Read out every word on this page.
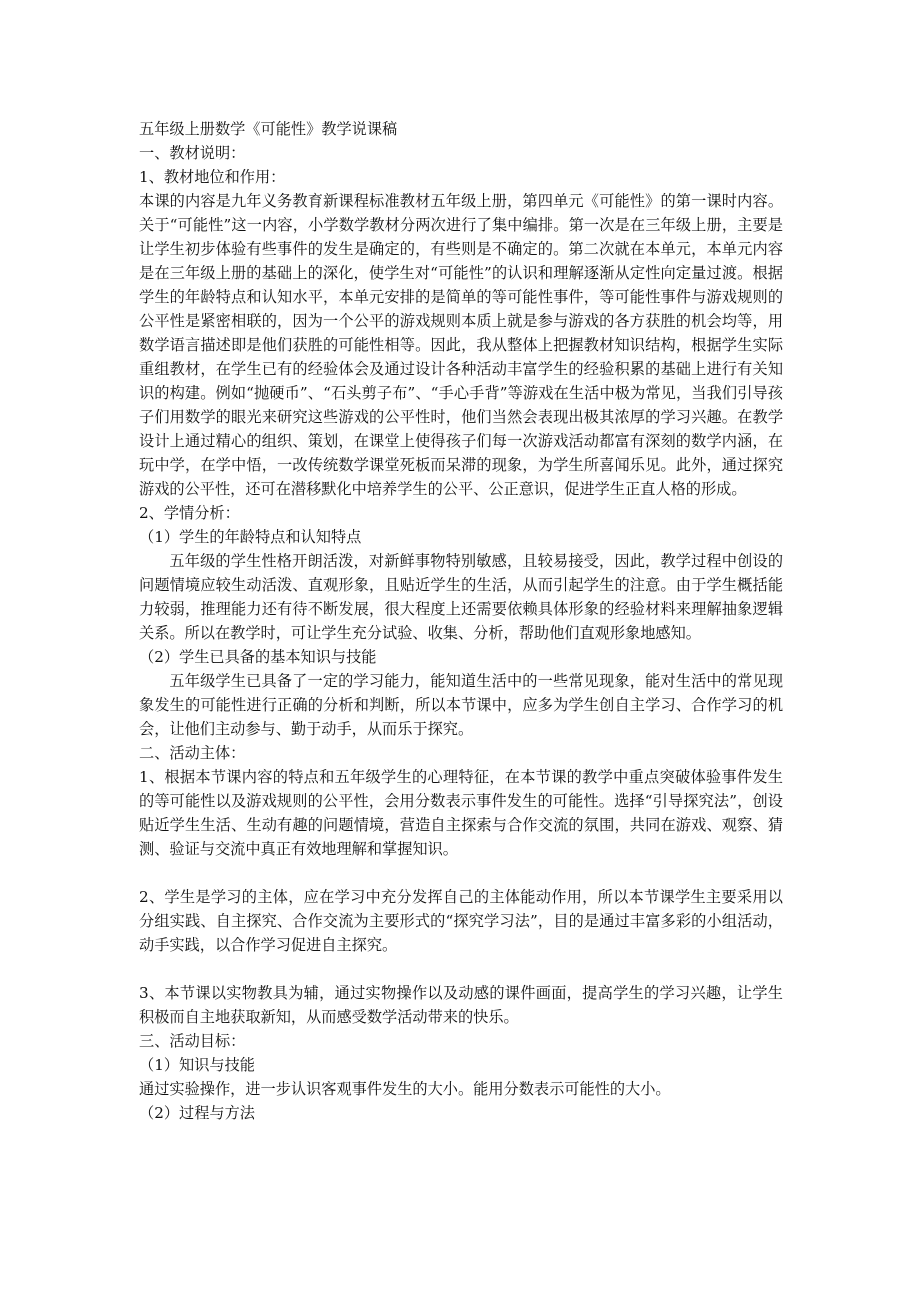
五年级上册数学《可能性》教学说课稿

一、教材说明：

1、教材地位和作用：

本课的内容是九年义务教育新课程标准教材五年级上册，第四单元《可能性》的第一课时内容。关于“可能性”这一内容，小学数学教材分两次进行了集中编排。第一次是在三年级上册，主要是让学生初步体验有些事件的发生是确定的，有些则是不确定的。第二次就在本单元，本单元内容是在三年级上册的基础上的深化，使学生对“可能性”的认识和理解逐渐从定性向定量过渡。根据学生的年龄特点和认知水平，本单元安排的是简单的等可能性事件，等可能性事件与游戏规则的公平性是紧密相联的，因为一个公平的游戏规则本质上就是参与游戏的各方获胜的机会均等，用数学语言描述即是他们获胜的可能性相等。因此，我从整体上把握教材知识结构，根据学生实际重组教材，在学生已有的经验体会及通过设计各种活动丰富学生的经验积累的基础上进行有关知识的构建。例如“抛硬币”、“石头剪子布”、“手心手背”等游戏在生活中极为常见，当我们引导孩子们用数学的眼光来研究这些游戏的公平性时，他们当然会表现出极其浓厚的学习兴趣。在教学设计上通过精心的组织、策划，在课堂上使得孩子们每一次游戏活动都富有深刻的数学内涵，在玩中学，在学中悟，一改传统数学课堂死板而呆滞的现象，为学生所喜闻乐见。此外，通过探究游戏的公平性，还可在潜移默化中培养学生的公平、公正意识，促进学生正直人格的形成。

2、学情分析：

（1）学生的年龄特点和认知特点

五年级的学生性格开朗活泼，对新鲜事物特别敏感，且较易接受，因此，教学过程中创设的问题情境应较生动活泼、直观形象，且贴近学生的生活，从而引起学生的注意。由于学生概括能力较弱，推理能力还有待不断发展，很大程度上还需要依赖具体形象的经验材料来理解抽象逻辑关系。所以在教学时，可让学生充分试验、收集、分析，帮助他们直观形象地感知。

（2）学生已具备的基本知识与技能

五年级学生已具备了一定的学习能力，能知道生活中的一些常见现象，能对生活中的常见现象发生的可能性进行正确的分析和判断，所以本节课中，应多为学生创自主学习、合作学习的机会，让他们主动参与、勤于动手，从而乐于探究。

二、活动主体：

1、根据本节课内容的特点和五年级学生的心理特征，在本节课的教学中重点突破体验事件发生的等可能性以及游戏规则的公平性，会用分数表示事件发生的可能性。选择“引导探究法”，创设贴近学生生活、生动有趣的问题情境，营造自主探索与合作交流的氛围，共同在游戏、观察、猜测、验证与交流中真正有效地理解和掌握知识。

2、学生是学习的主体，应在学习中充分发挥自己的主体能动作用，所以本节课学生主要采用以分组实践、自主探究、合作交流为主要形式的“探究学习法”，目的是通过丰富多彩的小组活动，动手实践，以合作学习促进自主探究。

3、本节课以实物教具为辅，通过实物操作以及动感的课件画面，提高学生的学习兴趣，让学生积极而自主地获取新知，从而感受数学活动带来的快乐。

三、活动目标：

（1）知识与技能

通过实验操作，进一步认识客观事件发生的大小。能用分数表示可能性的大小。

（2）过程与方法
